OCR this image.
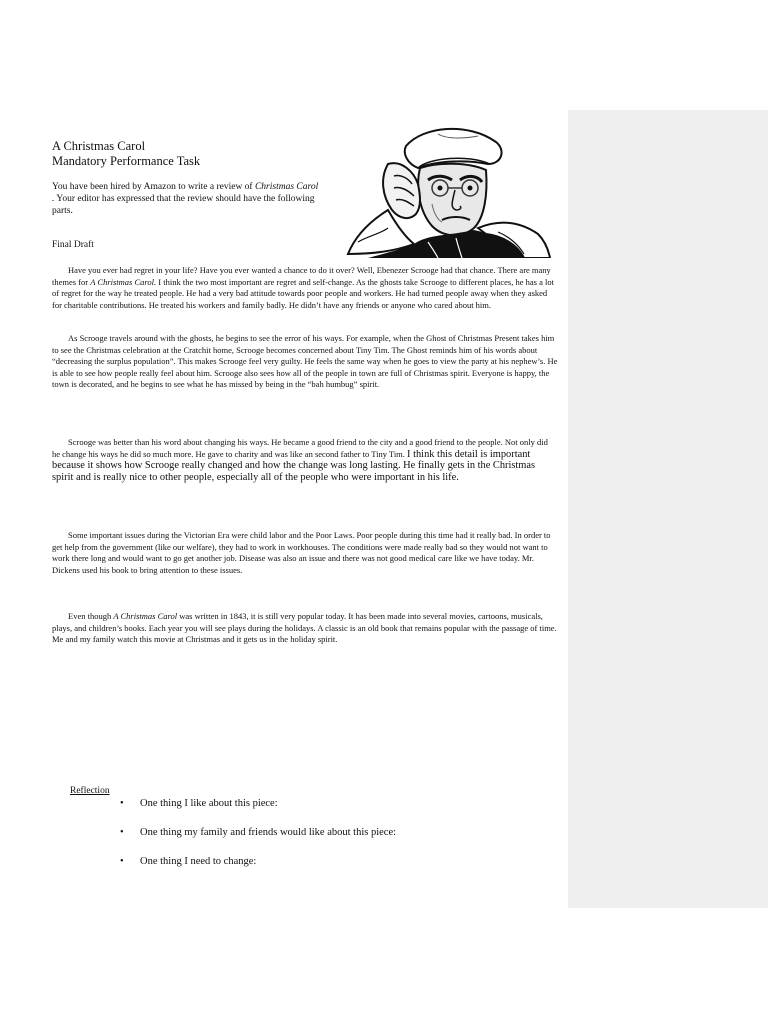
A Christmas Carol
Mandatory Performance Task
You have been hired by Amazon to write a review of Christmas Carol . Your editor has expressed that the review should have the following parts.
Final Draft

Have you ever had regret in your life? Have you ever wanted a chance to do it over? Well, Ebenezer Scrooge had that chance. There are many themes for A Christmas Carol. I think the two most important are regret and self-change. As the ghosts take Scrooge to different places, he has a lot of regret for the way he treated people. He had a very bad attitude towards poor people and workers. He had turned people away when they asked for charitable contributions. He treated his workers and family badly. He didn’t have any friends or anyone who cared about him.

As Scrooge travels around with the ghosts, he begins to see the error of his ways. For example, when the Ghost of Christmas Present takes him to see the Christmas celebration at the Cratchit home, Scrooge becomes concerned about Tiny Tim. The Ghost reminds him of his words about “decreasing the surplus population”. This makes Scrooge feel very guilty. He feels the same way when he goes to view the party at his nephew’s. He is able to see how people really feel about him. Scrooge also sees how all of the people in town are full of Christmas spirit. Everyone is happy, the town is decorated, and he begins to see what he has missed by being in the “bah humbug” spirit.

Scrooge was better than his word about changing his ways. He became a good friend to the city and a good friend to the people. Not only did he change his ways he did so much more. He gave to charity and was like an second father to Tiny Tim. I think this detail is important because it shows how Scrooge really changed and how the change was long lasting. He finally gets in the Christmas spirit and is really nice to other people, especially all of the people who were important in his life.

Some important issues during the Victorian Era were child labor and the Poor Laws. Poor people during this time had it really bad. In order to get help from the government (like our welfare), they had to work in workhouses. The conditions were made really bad so they would not want to work there long and would want to go get another job. Disease was also an issue and there was not good medical care like we have today. Mr. Dickens used his book to bring attention to these issues.

Even though A Christmas Carol was written in 1843, it is still very popular today. It has been made into several movies, cartoons, musicals, plays, and children’s books. Each year you will see plays during the holidays. A classic is an old book that remains popular with the passage of time. Me and my family watch this movie at Christmas and it gets us in the holiday spirit.

Reflection
• One thing I like about this piece:
• One thing my family and friends would like about this piece:
• One thing I need to change:
